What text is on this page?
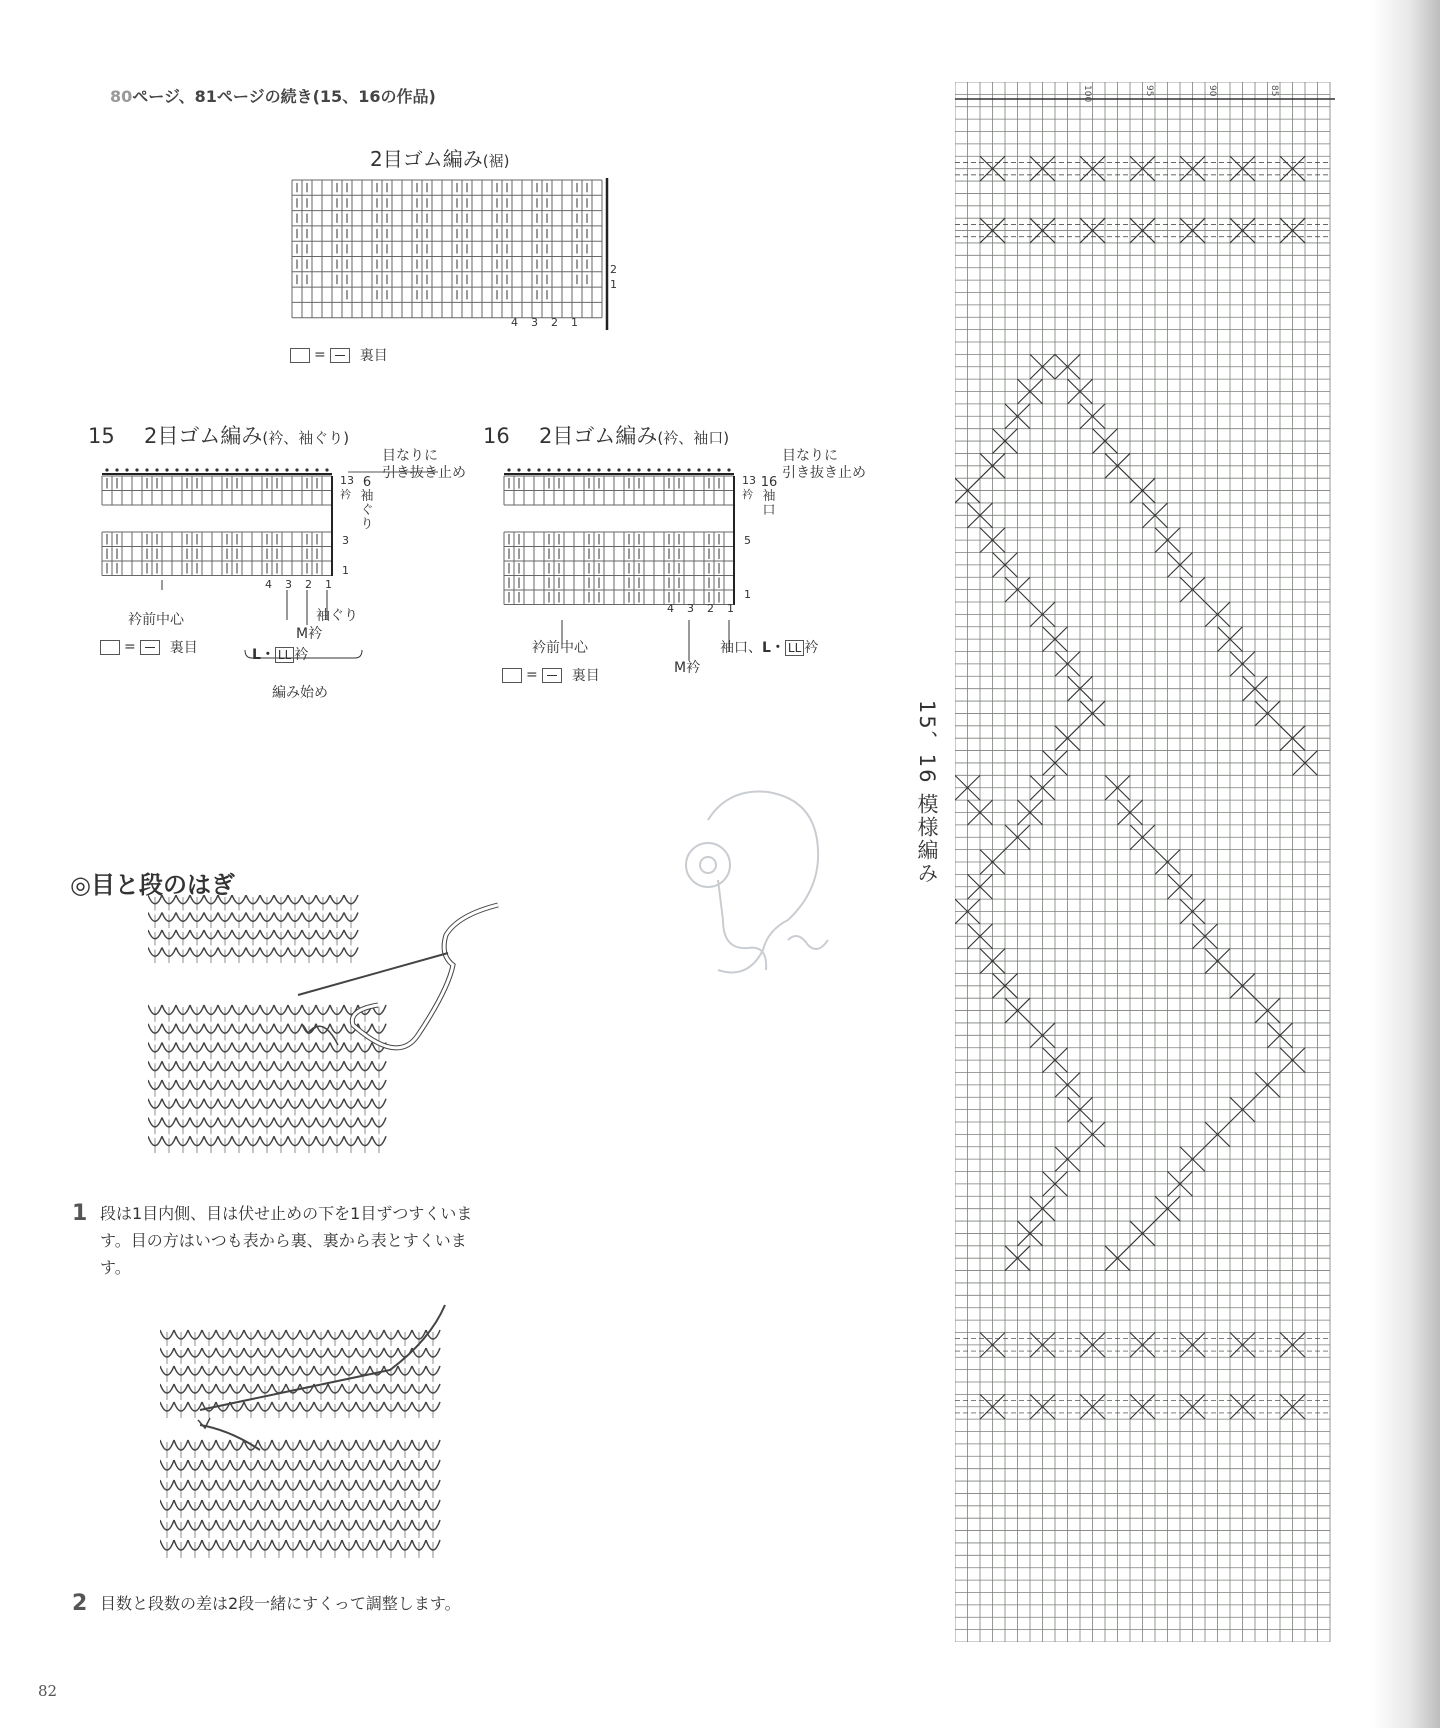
80ページ、81ページの続き(15、16の作品)
2目ゴム編み(裾)
2
1
4 3 2 1
= 裏目
15 2目ゴム編み(衿、袖ぐり)
目なりに
引き抜き止め
13
衿
3
1
4 3 2 1
6
袖
ぐ
り
衿前中心	袖ぐり
M衿
L・ LL 衿
編み始め
= 裏目
16 2目ゴム編み(衿、袖口)
目なりに
引き抜き止め
13
衿
5
1
4 3 2 1
16
袖
口
衿前中心
M衿
袖口、L・ LL 衿
= 裏目
◎目と段のはぎ
1 段は1目内側、目は伏せ止めの下を1目ずつすくいます。目の方はいつも表から裏、裏から表とすくいます。
2 目数と段数の差は2段一緒にすくって調整します。
15、16 模様編み
100	95	90	85
82
